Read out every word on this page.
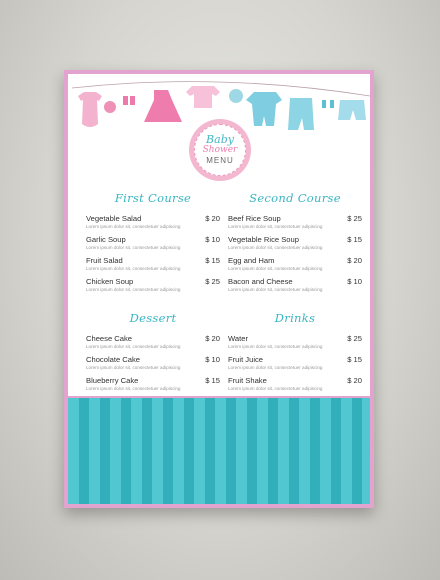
Baby
Shower
MENU
First Course
Vegetable Salad	$ 20
Lorem ipsum dolor sit, consectetuer adipiscing
Garlic Soup	$ 10
Lorem ipsum dolor sit, consectetuer adipiscing
Fruit Salad	$ 15
Lorem ipsum dolor sit, consectetuer adipiscing
Chicken Soup	$ 25
Lorem ipsum dolor sit, consectetuer adipiscing
Second Course
Beef Rice Soup	$ 25
Lorem ipsum dolor sit, consectetuer adipiscing
Vegetable Rice Soup	$ 15
Lorem ipsum dolor sit, consectetuer adipiscing
Egg and Ham	$ 20
Lorem ipsum dolor sit, consectetuer adipiscing
Bacon and Cheese	$ 10
Lorem ipsum dolor sit, consectetuer adipiscing
Dessert
Cheese Cake	$ 20
Lorem ipsum dolor sit, consectetuer adipiscing
Chocolate Cake	$ 10
Lorem ipsum dolor sit, consectetuer adipiscing
Blueberry Cake	$ 15
Lorem ipsum dolor sit, consectetuer adipiscing
Drinks
Water	$ 25
Lorem ipsum dolor sit, consectetuer adipiscing
Fruit Juice	$ 15
Lorem ipsum dolor sit, consectetuer adipiscing
Fruit Shake	$ 20
Lorem ipsum dolor sit, consectetuer adipiscing
